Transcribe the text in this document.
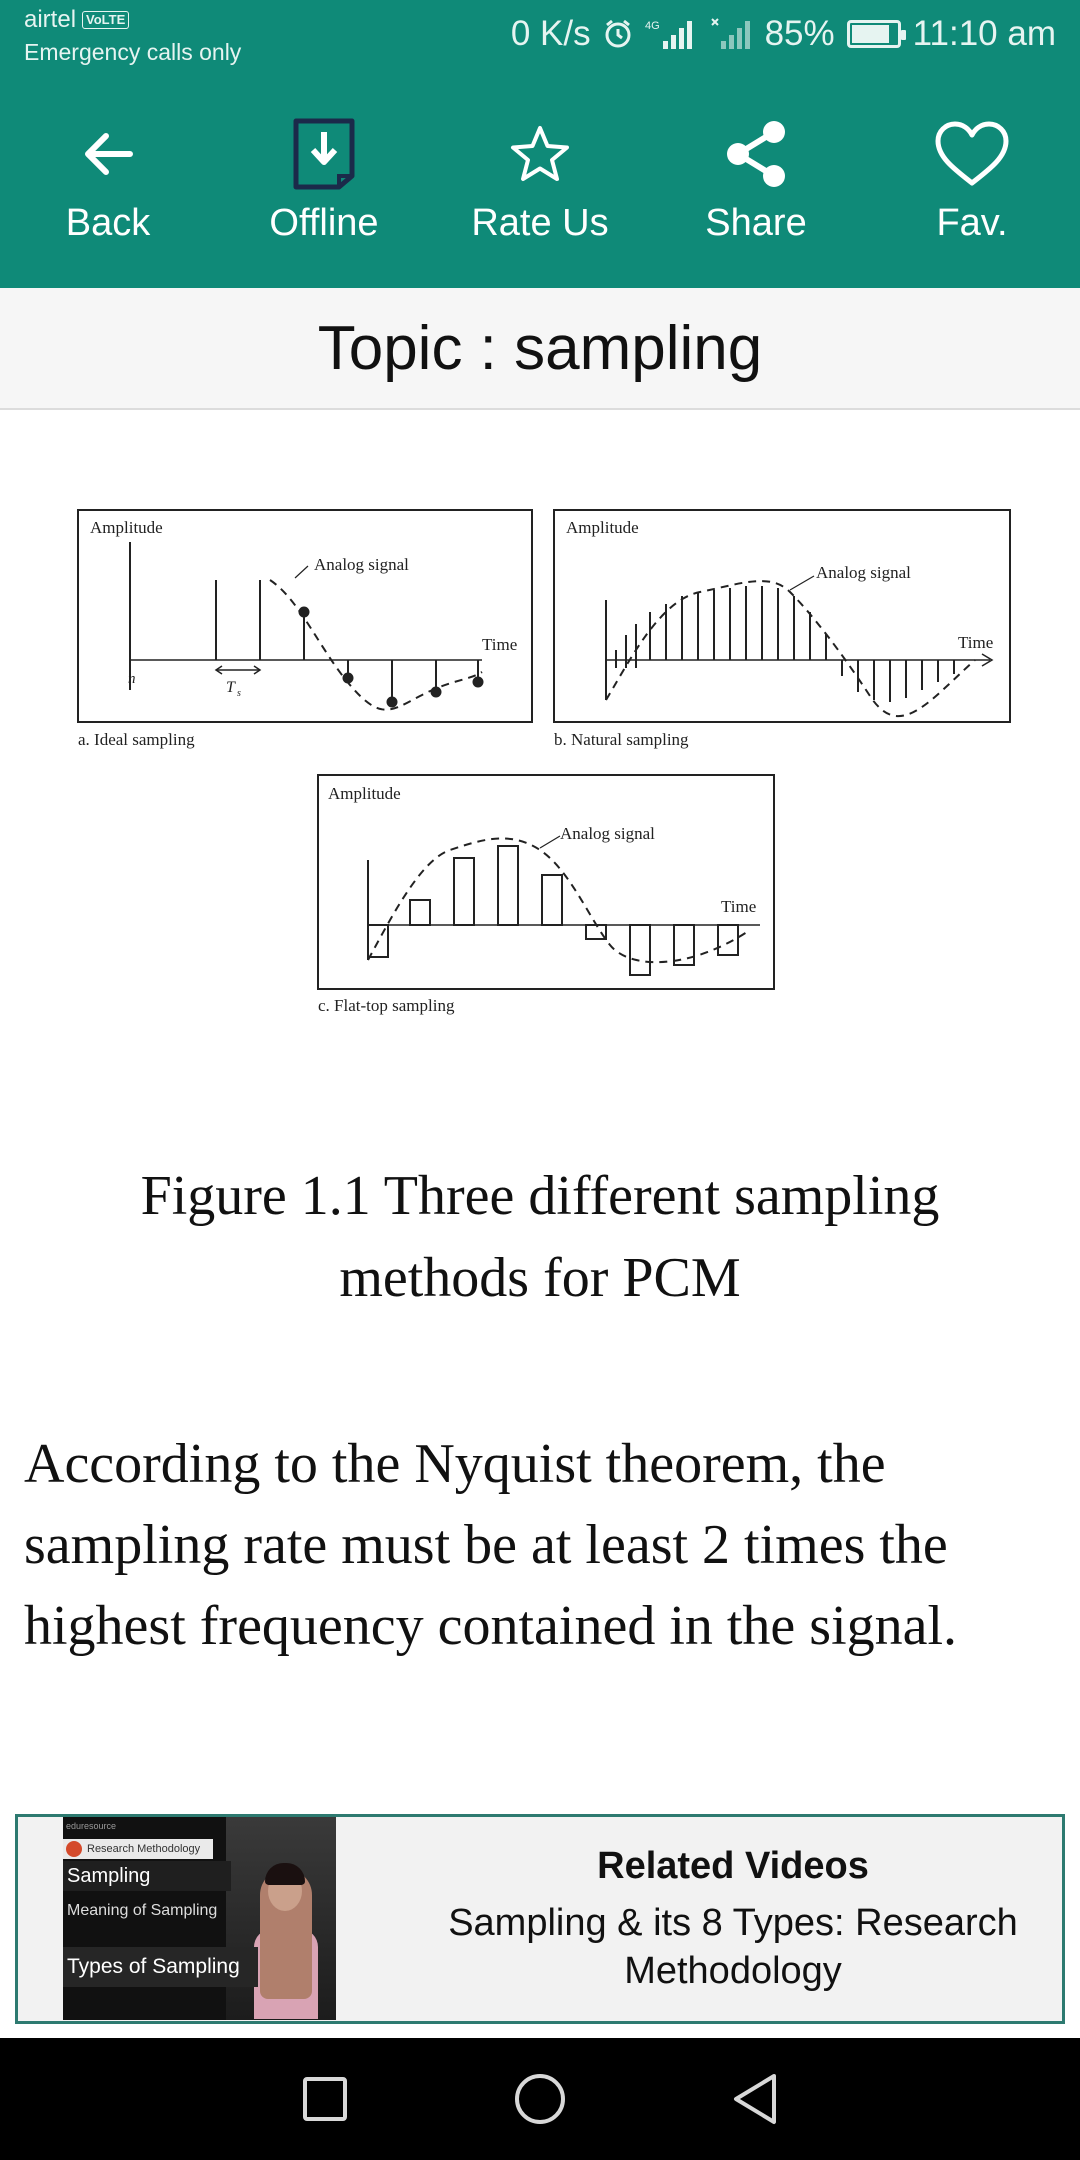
airtel VoLTE
Emergency calls only	0 K/s	4G	85% 11:10 am
Back	Offline Rate Us	Share	Fav.
Topic : sampling
Amplitude
Analog signal
Time
n	T s
a. Ideal sampling
Amplitude
Analog signal
Time
b. Natural sampling
Amplitude
Analog signal
Time
c. Flat-top sampling
Figure 1.1 Three different sampling methods for PCM
According to the Nyquist theorem, the sampling rate must be at least 2 times the highest frequency contained in the signal.
eduresource
Research Methodology
Sampling
Meaning of Sampling
Types of Sampling
Related Videos
Sampling & its 8 Types: Research Methodology
